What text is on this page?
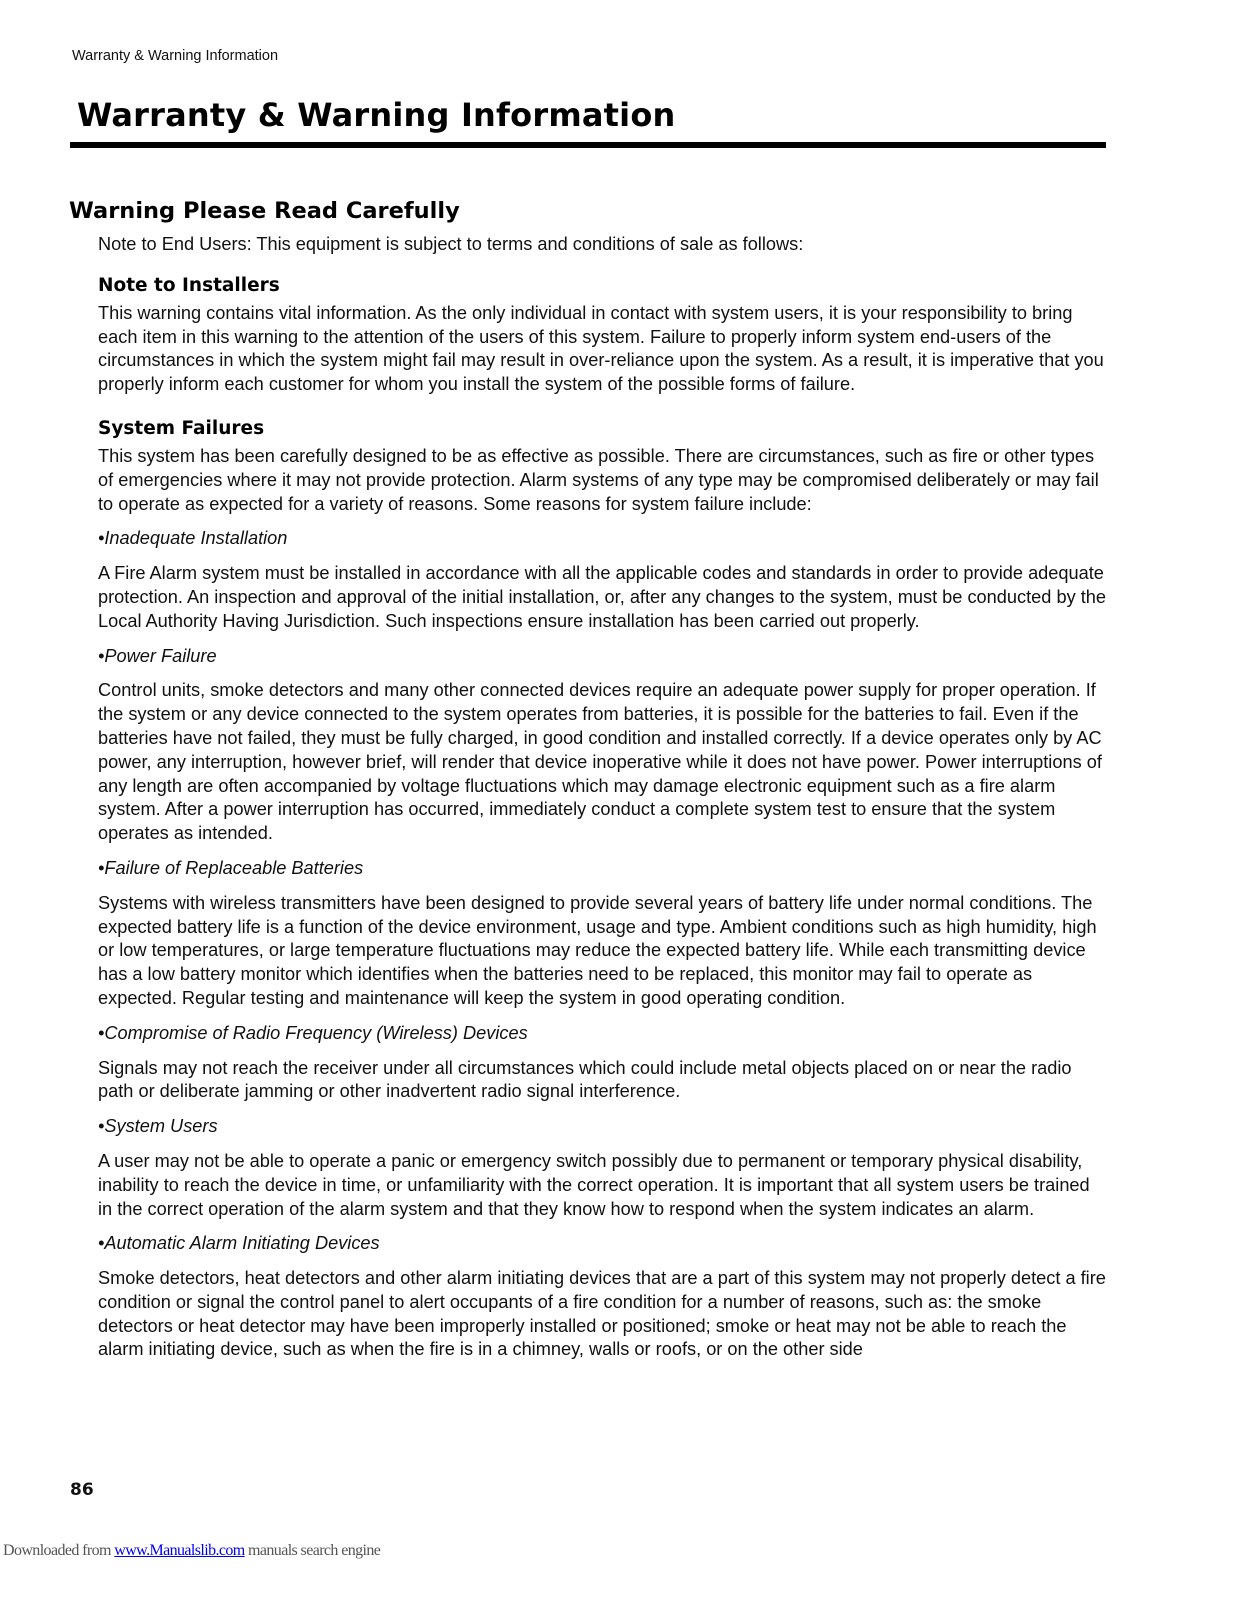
Warranty & Warning Information
Warranty & Warning Information
Warning Please Read Carefully

Note to End Users: This equipment is subject to terms and conditions of sale as follows:

Note to Installers

This warning contains vital information. As the only individual in contact with system users, it is your responsibility to bring each item in this warning to the attention of the users of this system. Failure to properly inform system end-users of the circumstances in which the system might fail may result in over-reliance upon the system. As a result, it is imperative that you properly inform each customer for whom you install the system of the possible forms of failure.

System Failures

This system has been carefully designed to be as effective as possible. There are circumstances, such as fire or other types of emergencies where it may not provide protection. Alarm systems of any type may be compromised deliberately or may fail to operate as expected for a variety of reasons. Some reasons for system failure include:

•Inadequate Installation

A Fire Alarm system must be installed in accordance with all the applicable codes and standards in order to provide adequate protection. An inspection and approval of the initial installation, or, after any changes to the system, must be conducted by the Local Authority Having Jurisdiction. Such inspections ensure installation has been carried out properly.

•Power Failure

Control units, smoke detectors and many other connected devices require an adequate power supply for proper operation. If the system or any device connected to the system operates from batteries, it is possible for the batteries to fail. Even if the batteries have not failed, they must be fully charged, in good condition and installed correctly. If a device operates only by AC power, any interruption, however brief, will render that device inoperative while it does not have power. Power interruptions of any length are often accompanied by voltage fluctuations which may damage electronic equipment such as a fire alarm system. After a power interruption has occurred, immediately conduct a complete system test to ensure that the system operates as intended.

•Failure of Replaceable Batteries

Systems with wireless transmitters have been designed to provide several years of battery life under normal conditions. The expected battery life is a function of the device environment, usage and type. Ambient conditions such as high humidity, high or low temperatures, or large temperature fluctuations may reduce the expected battery life. While each transmitting device has a low battery monitor which identifies when the batteries need to be replaced, this monitor may fail to operate as expected. Regular testing and maintenance will keep the system in good operating condition.

•Compromise of Radio Frequency (Wireless) Devices

Signals may not reach the receiver under all circumstances which could include metal objects placed on or near the radio path or deliberate jamming or other inadvertent radio signal interference.

•System Users

A user may not be able to operate a panic or emergency switch possibly due to permanent or temporary physical disability, inability to reach the device in time, or unfamiliarity with the correct operation. It is important that all system users be trained in the correct operation of the alarm system and that they know how to respond when the system indicates an alarm.

•Automatic Alarm Initiating Devices

Smoke detectors, heat detectors and other alarm initiating devices that are a part of this system may not properly detect a fire condition or signal the control panel to alert occupants of a fire condition for a number of reasons, such as: the smoke detectors or heat detector may have been improperly installed or positioned; smoke or heat may not be able to reach the alarm initiating device, such as when the fire is in a chimney, walls or roofs, or on the other side

86
Downloaded from www.Manualslib.com manuals search engine
